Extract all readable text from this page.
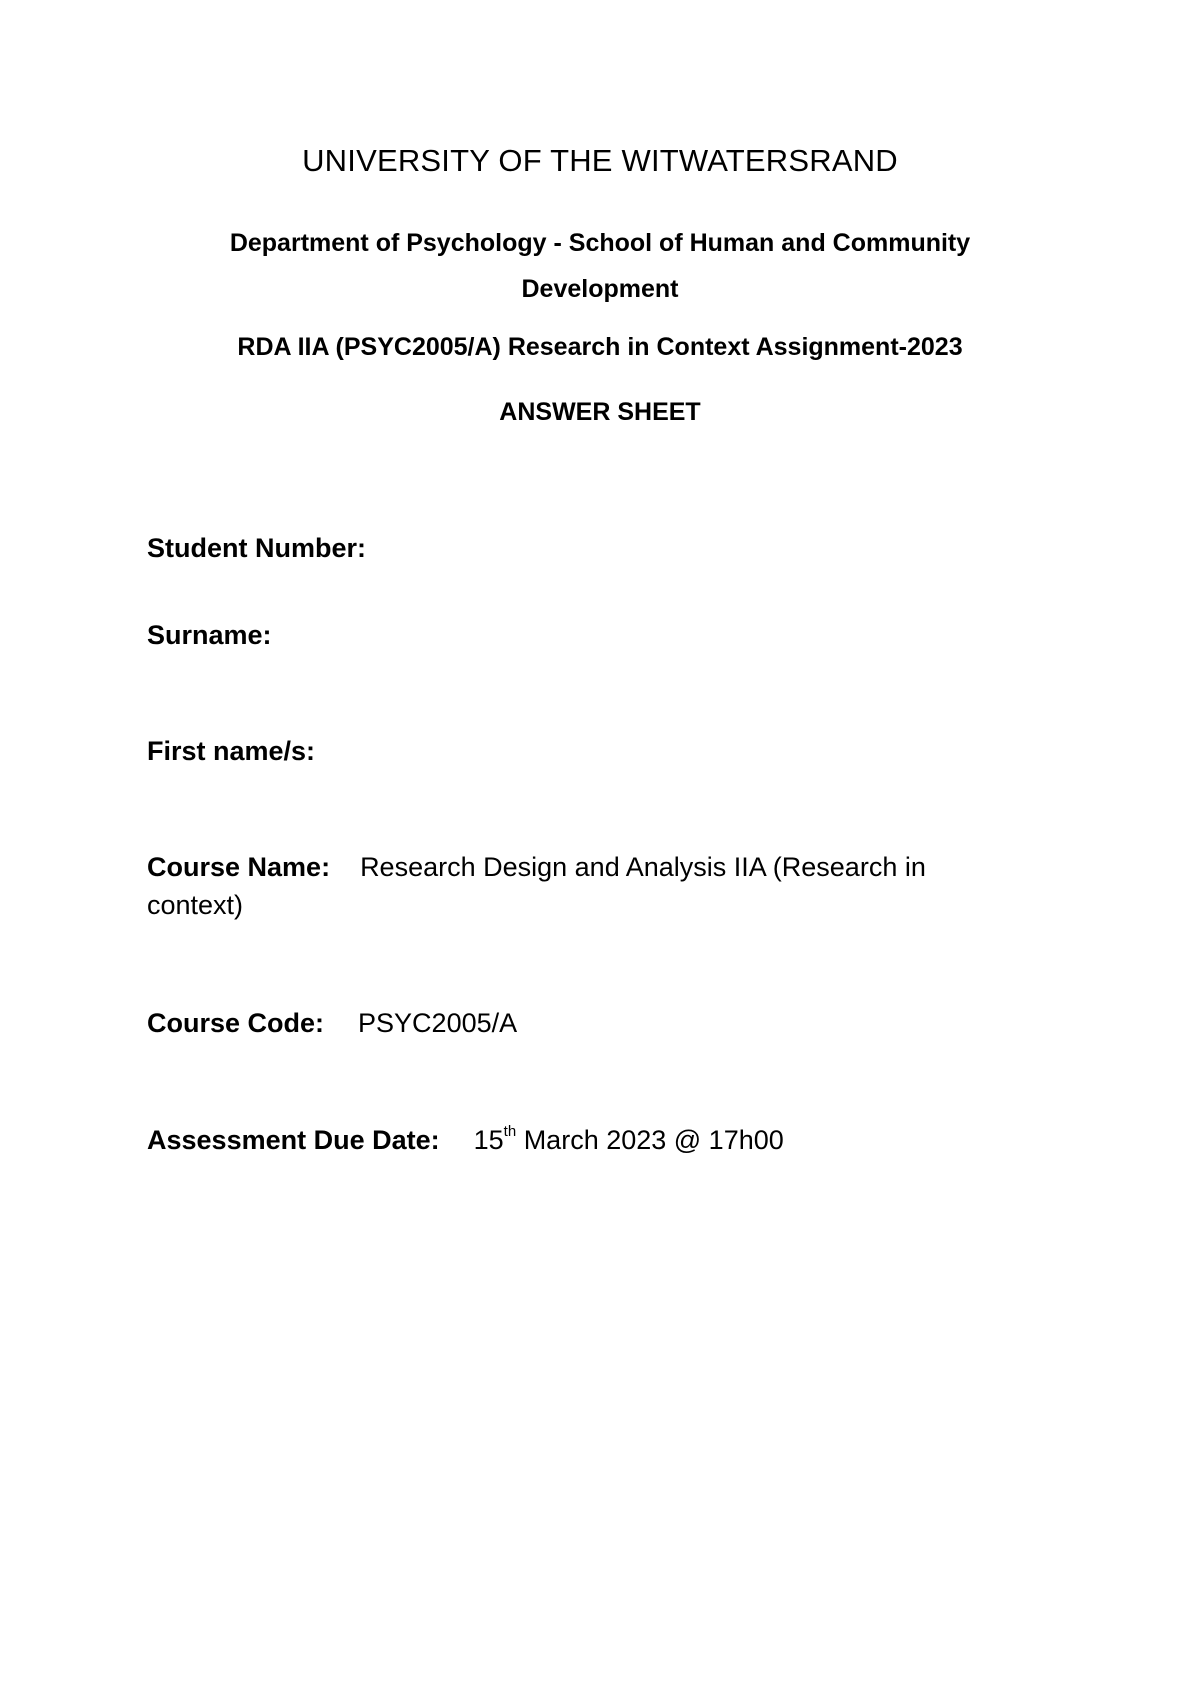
UNIVERSITY OF THE WITWATERSRAND

Department of Psychology - School of Human and Community Development

RDA IIA (PSYC2005/A) Research in Context Assignment-2023

ANSWER SHEET

Student Number:
Surname:
First name/s:
Course Name: Research Design and Analysis IIA (Research in context)
Course Code: PSYC2005/A
Assessment Due Date: 15th March 2023 @ 17h00
